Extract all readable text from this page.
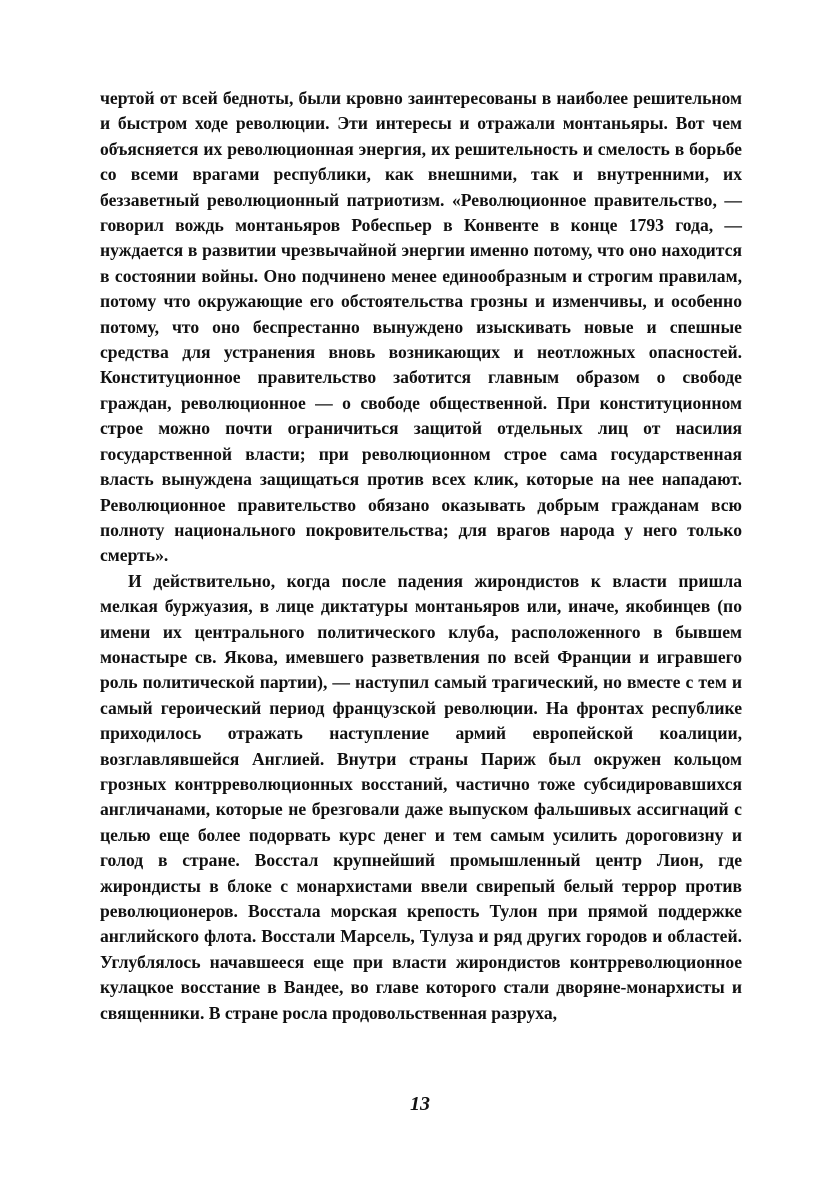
чертой от всей бедноты, были кровно заинтересованы в наиболее решительном и быстром ходе революции. Эти интересы и отражали монтаньяры. Вот чем объясняется их революционная энергия, их решительность и смелость в борьбе со всеми врагами республики, как внешними, так и внутренними, их беззаветный революционный патриотизм. «Революционное правительство, — говорил вождь монтаньяров Робеспьер в Конвенте в конце 1793 года, — нуждается в развитии чрезвычайной энергии именно потому, что оно находится в состоянии войны. Оно подчинено менее единообразным и строгим правилам, потому что окружающие его обстоятельства грозны и изменчивы, и особенно потому, что оно беспрестанно вынуждено изыскивать новые и спешные средства для устранения вновь возникающих и неотложных опасностей. Конституционное правительство заботится главным образом о свободе граждан, революционное — о свободе общественной. При конституционном строе можно почти ограничиться защитой отдельных лиц от насилия государственной власти; при революционном строе сама государственная власть вынуждена защищаться против всех клик, которые на нее нападают. Революционное правительство обязано оказывать добрым гражданам всю полноту национального покровительства; для врагов народа у него только смерть».

И действительно, когда после падения жирондистов к власти пришла мелкая буржуазия, в лице диктатуры монтаньяров или, иначе, якобинцев (по имени их центрального политического клуба, расположенного в бывшем монастыре св. Якова, имевшего разветвления по всей Франции и игравшего роль политической партии), — наступил самый трагический, но вместе с тем и самый героический период французской революции. На фронтах республике приходилось отражать наступление армий европейской коалиции, возглавлявшейся Англией. Внутри страны Париж был окружен кольцом грозных контрреволюционных восстаний, частично тоже субсидировавшихся англичанами, которые не брезговали даже выпуском фальшивых ассигнаций с целью еще более подорвать курс денег и тем самым усилить дороговизну и голод в стране. Восстал крупнейший промышленный центр Лион, где жирондисты в блоке с монархистами ввели свирепый белый террор против революционеров. Восстала морская крепость Тулон при прямой поддержке английского флота. Восстали Марсель, Тулуза и ряд других городов и областей. Углублялось начавшееся еще при власти жирондистов контрреволюционное кулацкое восстание в Вандее, во главе которого стали дворяне-монархисты и священники. В стране росла продовольственная разруха,

13
